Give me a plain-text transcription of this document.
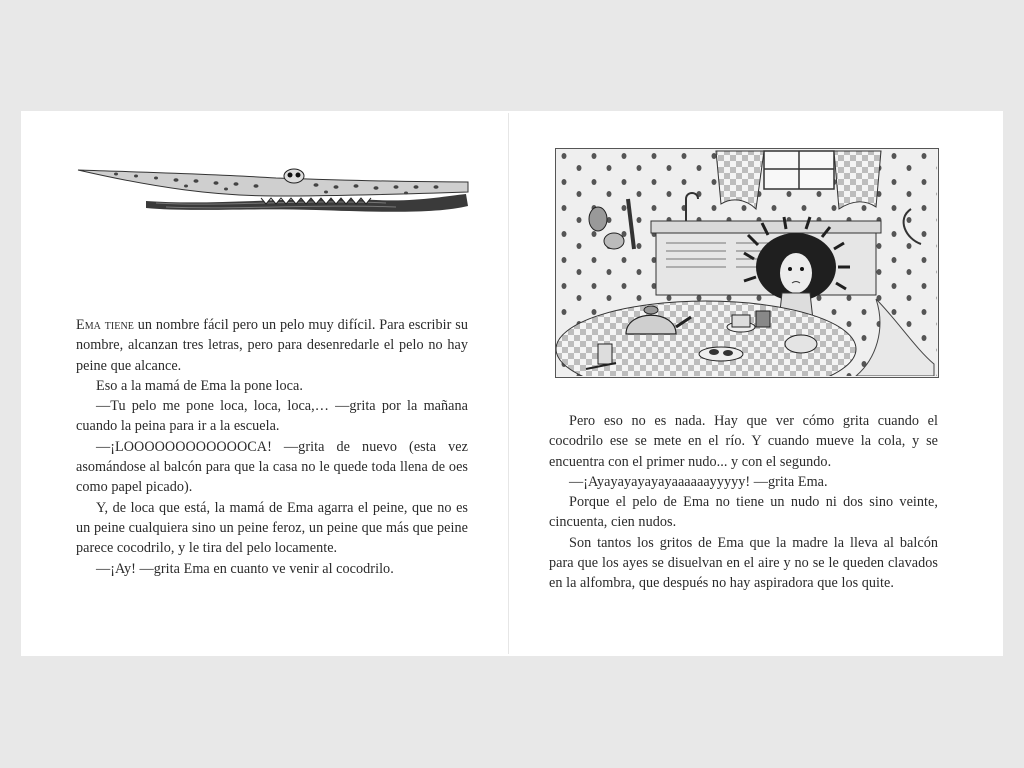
Ema tiene un nombre fácil pero un pelo muy difícil. Para escribir su nombre, alcanzan tres letras, pero para desenredarle el pelo no hay peine que alcance.

Eso a la mamá de Ema la pone loca.

—Tu pelo me pone loca, loca, loca,… —grita por la mañana cuando la peina para ir a la escuela.

—¡LOOOOOOOOOOOOCA! —grita de nuevo (esta vez asomándose al balcón para que la casa no le quede toda llena de oes como papel picado).

Y, de loca que está, la mamá de Ema agarra el peine, que no es un peine cualquiera sino un peine feroz, un peine que más que peine parece cocodrilo, y le tira del pelo locamente.

—¡Ay! —grita Ema en cuanto ve venir al cocodrilo.

Pero eso no es nada. Hay que ver cómo grita cuando el cocodrilo ese se mete en el río. Y cuando mueve la cola, y se encuentra con el primer nudo... y con el segundo.

—¡Ayayayayayayaaaaaayyyyy! —grita Ema.

Porque el pelo de Ema no tiene un nudo ni dos sino veinte, cincuenta, cien nudos.

Son tantos los gritos de Ema que la madre la lleva al balcón para que los ayes se disuelvan en el aire y no se le queden clavados en la alfombra, que después no hay aspiradora que los quite.
